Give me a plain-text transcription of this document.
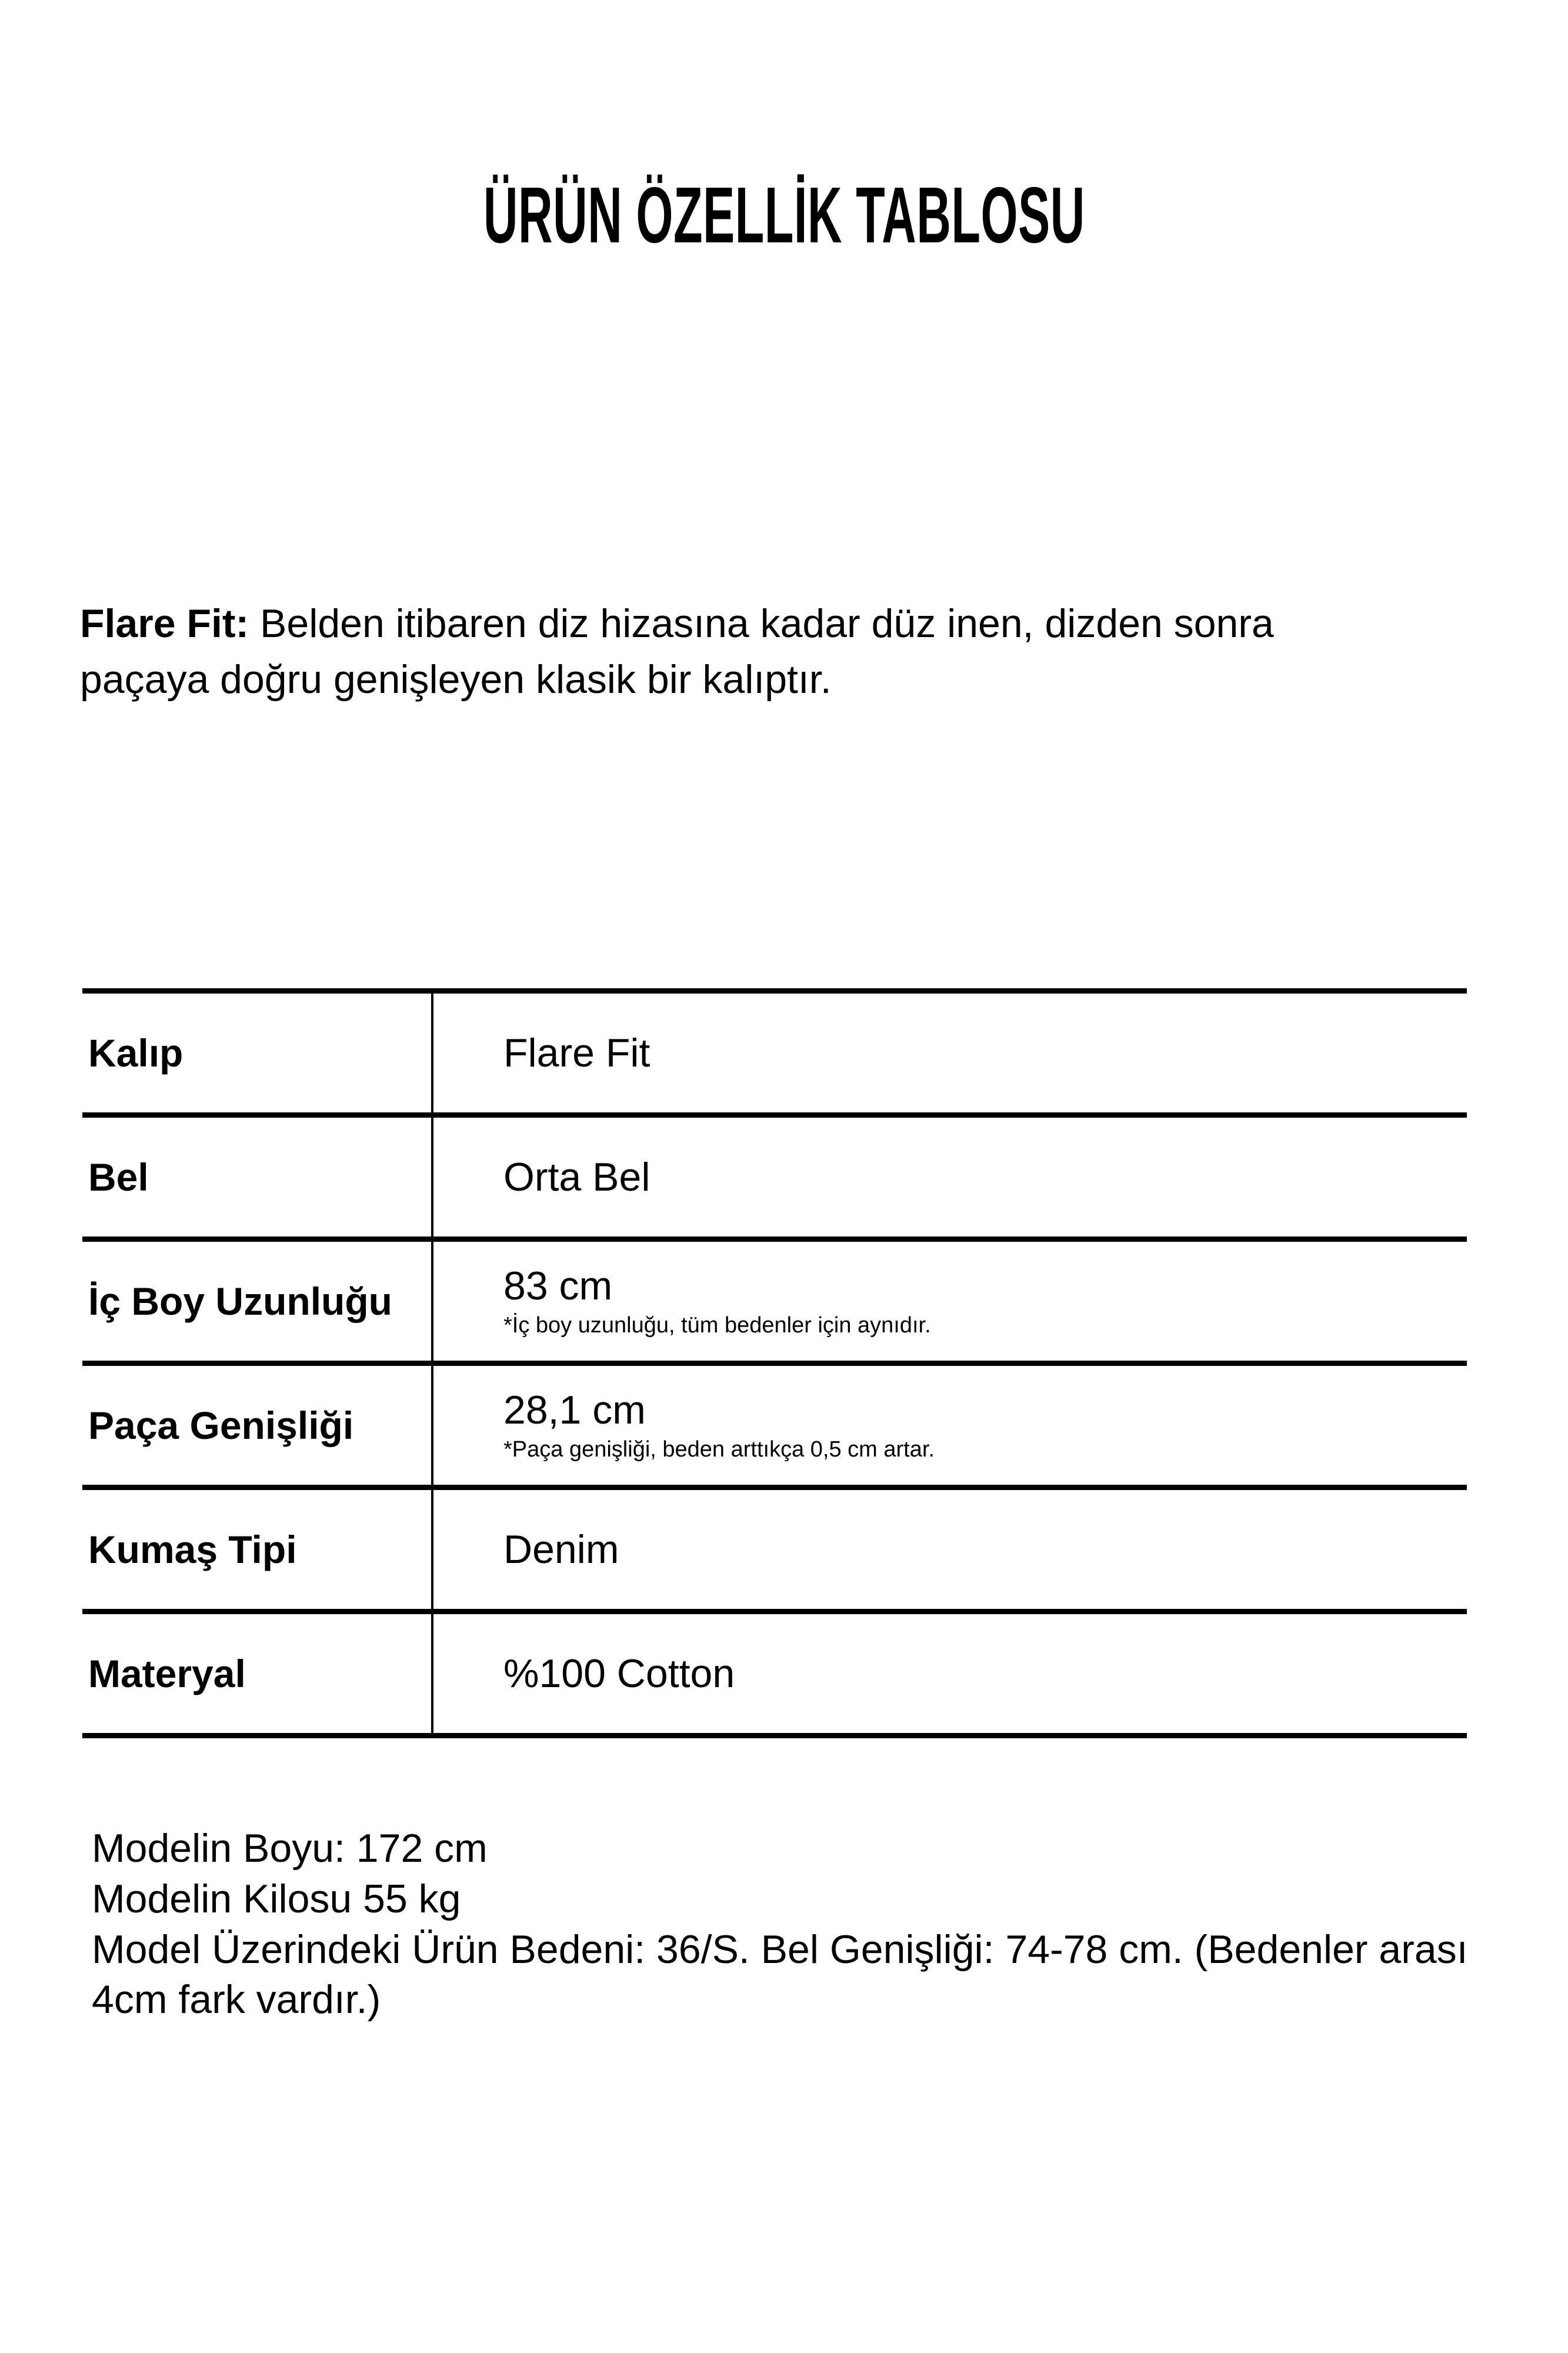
ÜRÜN ÖZELLİK TABLOSU

Flare Fit: Belden itibaren diz hizasına kadar düz inen, dizden sonra paçaya doğru genişleyen klasik bir kalıptır.

Kalıp	Flare Fit
Bel	Orta Bel
İç Boy Uzunluğu	83 cm
*İç boy uzunluğu, tüm bedenler için aynıdır.
Paça Genişliği	28,1 cm
*Paça genişliği, beden arttıkça 0,5 cm artar.
Kumaş Tipi	Denim
Materyal	%100 Cotton

Modelin Boyu: 172 cm

Modelin Kilosu 55 kg

Model Üzerindeki Ürün Bedeni: 36/S. Bel Genişliği: 74-78 cm. (Bedenler arası 4cm fark vardır.)
